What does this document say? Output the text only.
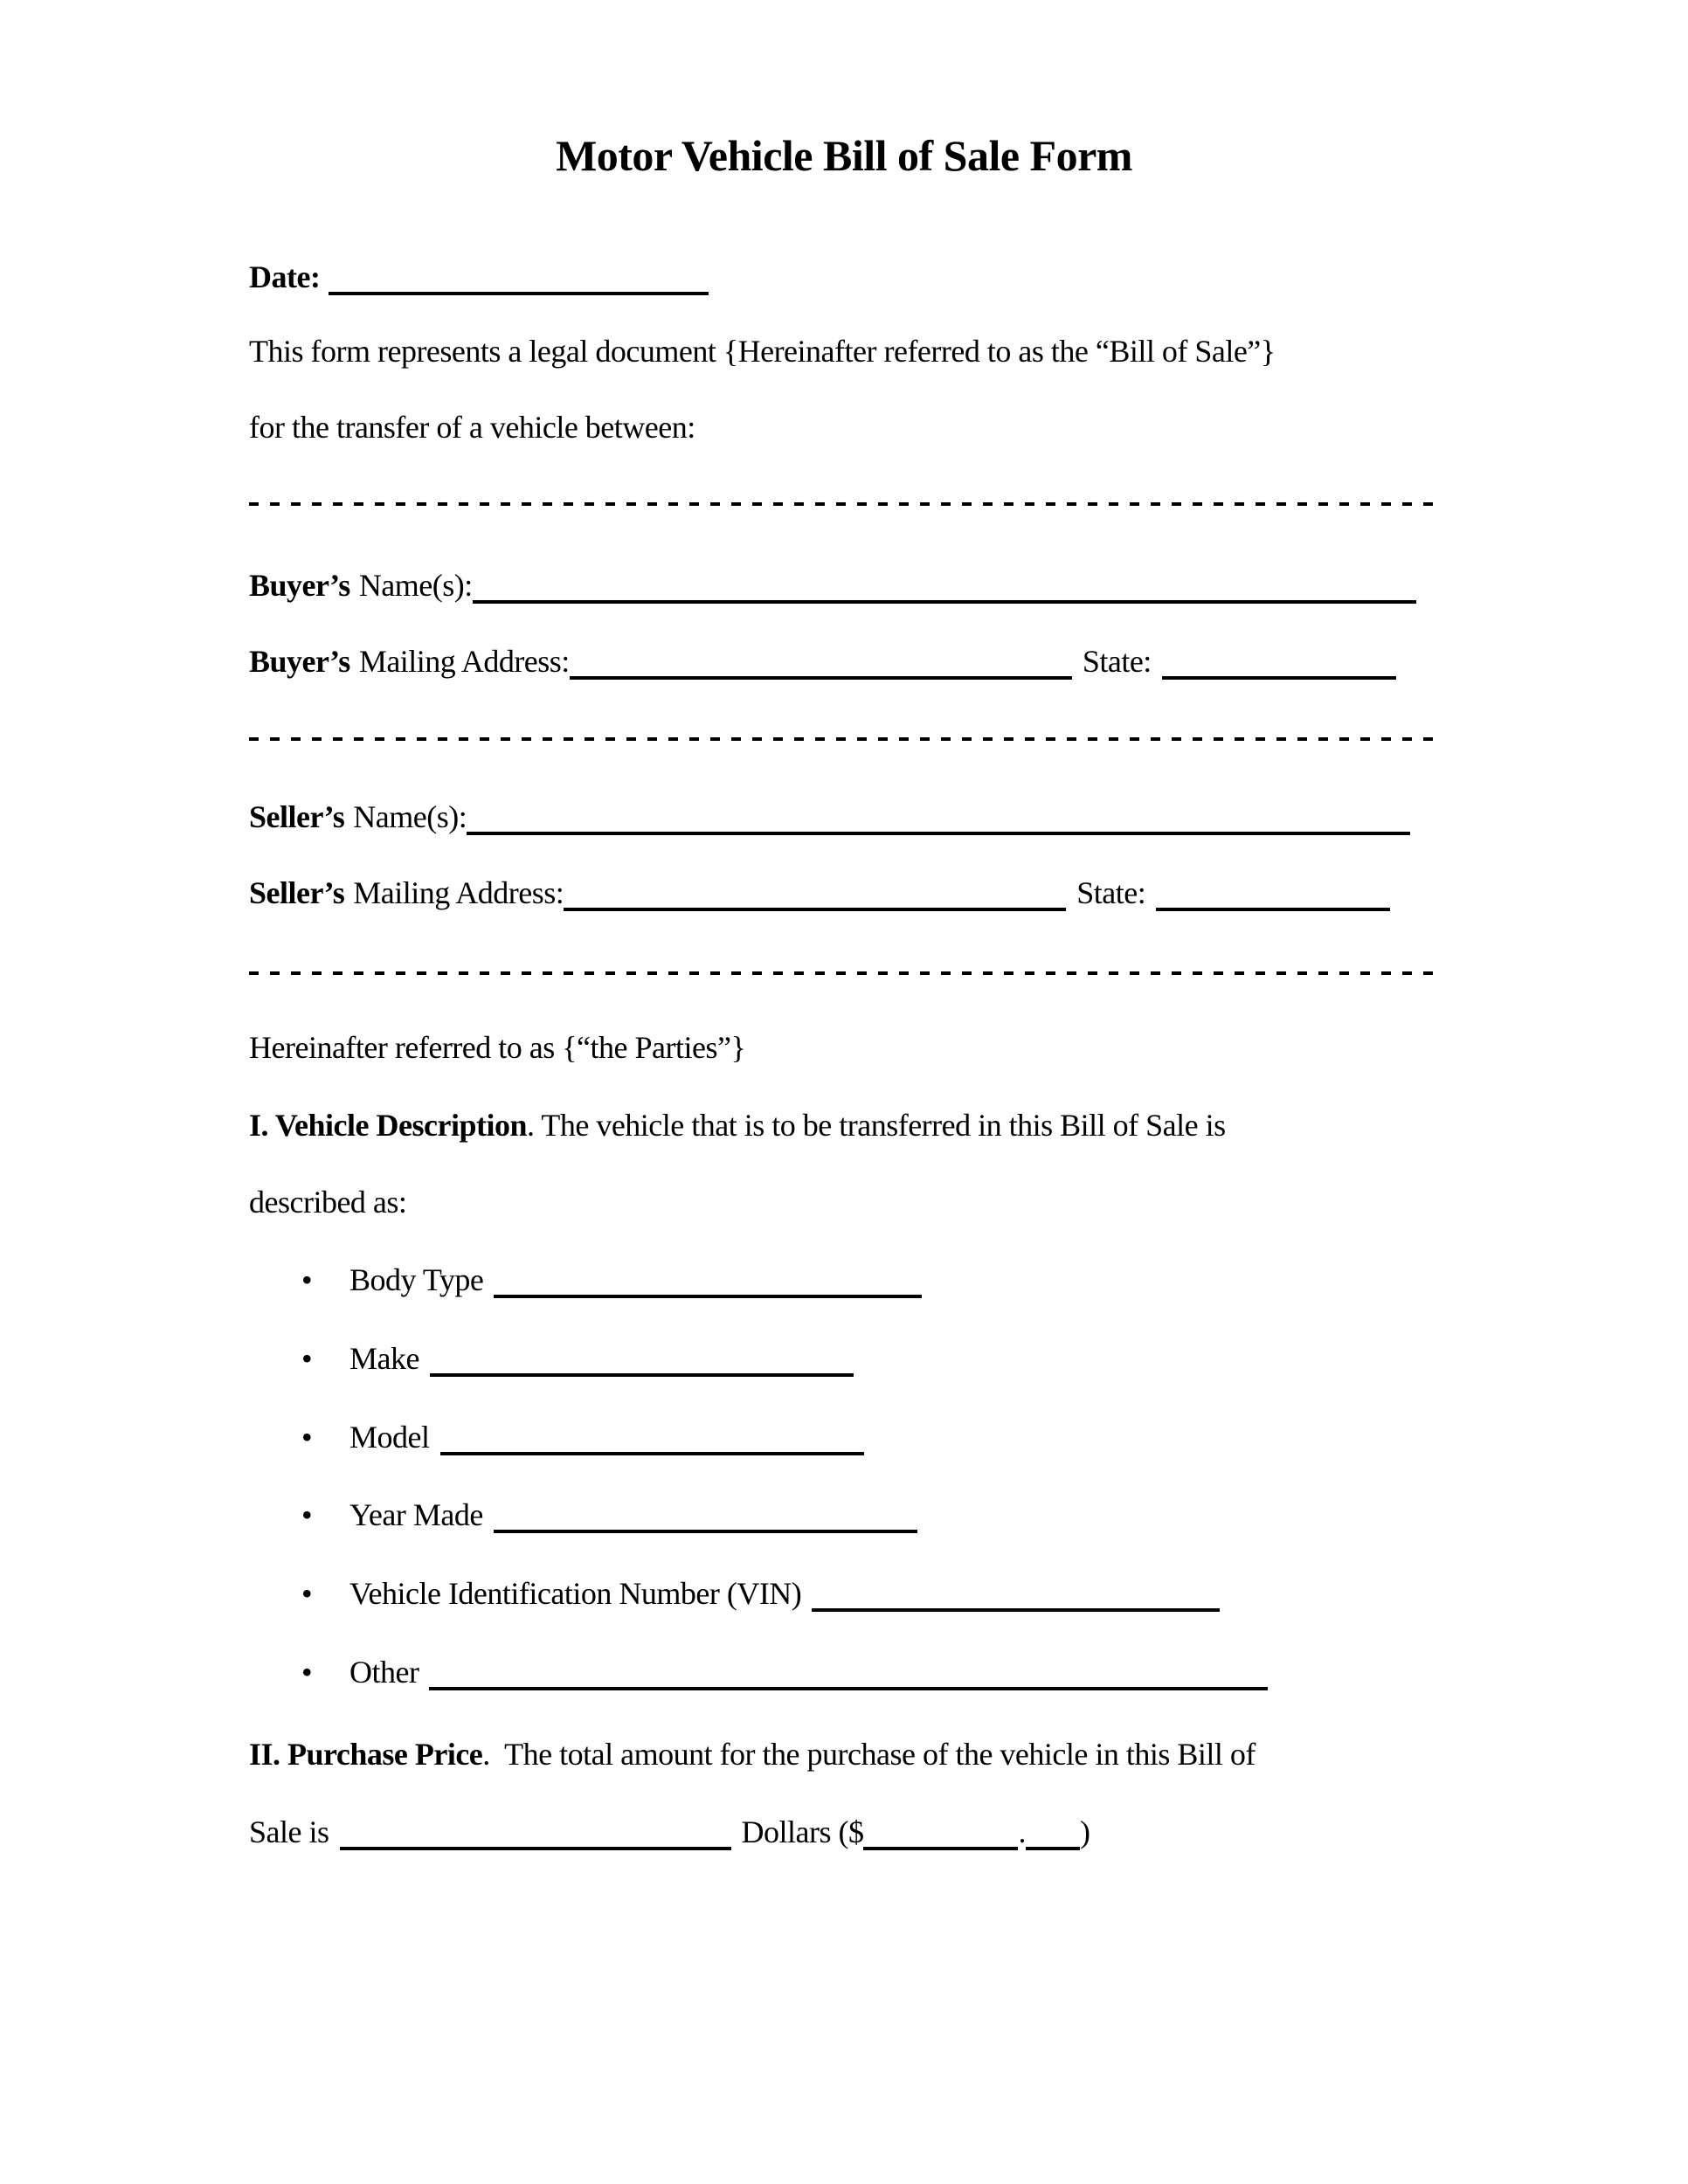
Motor Vehicle Bill of Sale Form
Date:
This form represents a legal document {Hereinafter referred to as the “Bill of Sale”}
for the transfer of a vehicle between:
Buyer’s Name(s):
Buyer’s Mailing Address:	State:
Seller’s Name(s):
Seller’s Mailing Address:	State:
Hereinafter referred to as {“the Parties”}
I. Vehicle Description. The vehicle that is to be transferred in this Bill of Sale is
described as:
• Body Type
• Make
• Model
• Year Made
• Vehicle Identification Number (VIN)
• Other
II. Purchase Price.  The total amount for the purchase of the vehicle in this Bill of
Sale is	Dollars ($	. )
